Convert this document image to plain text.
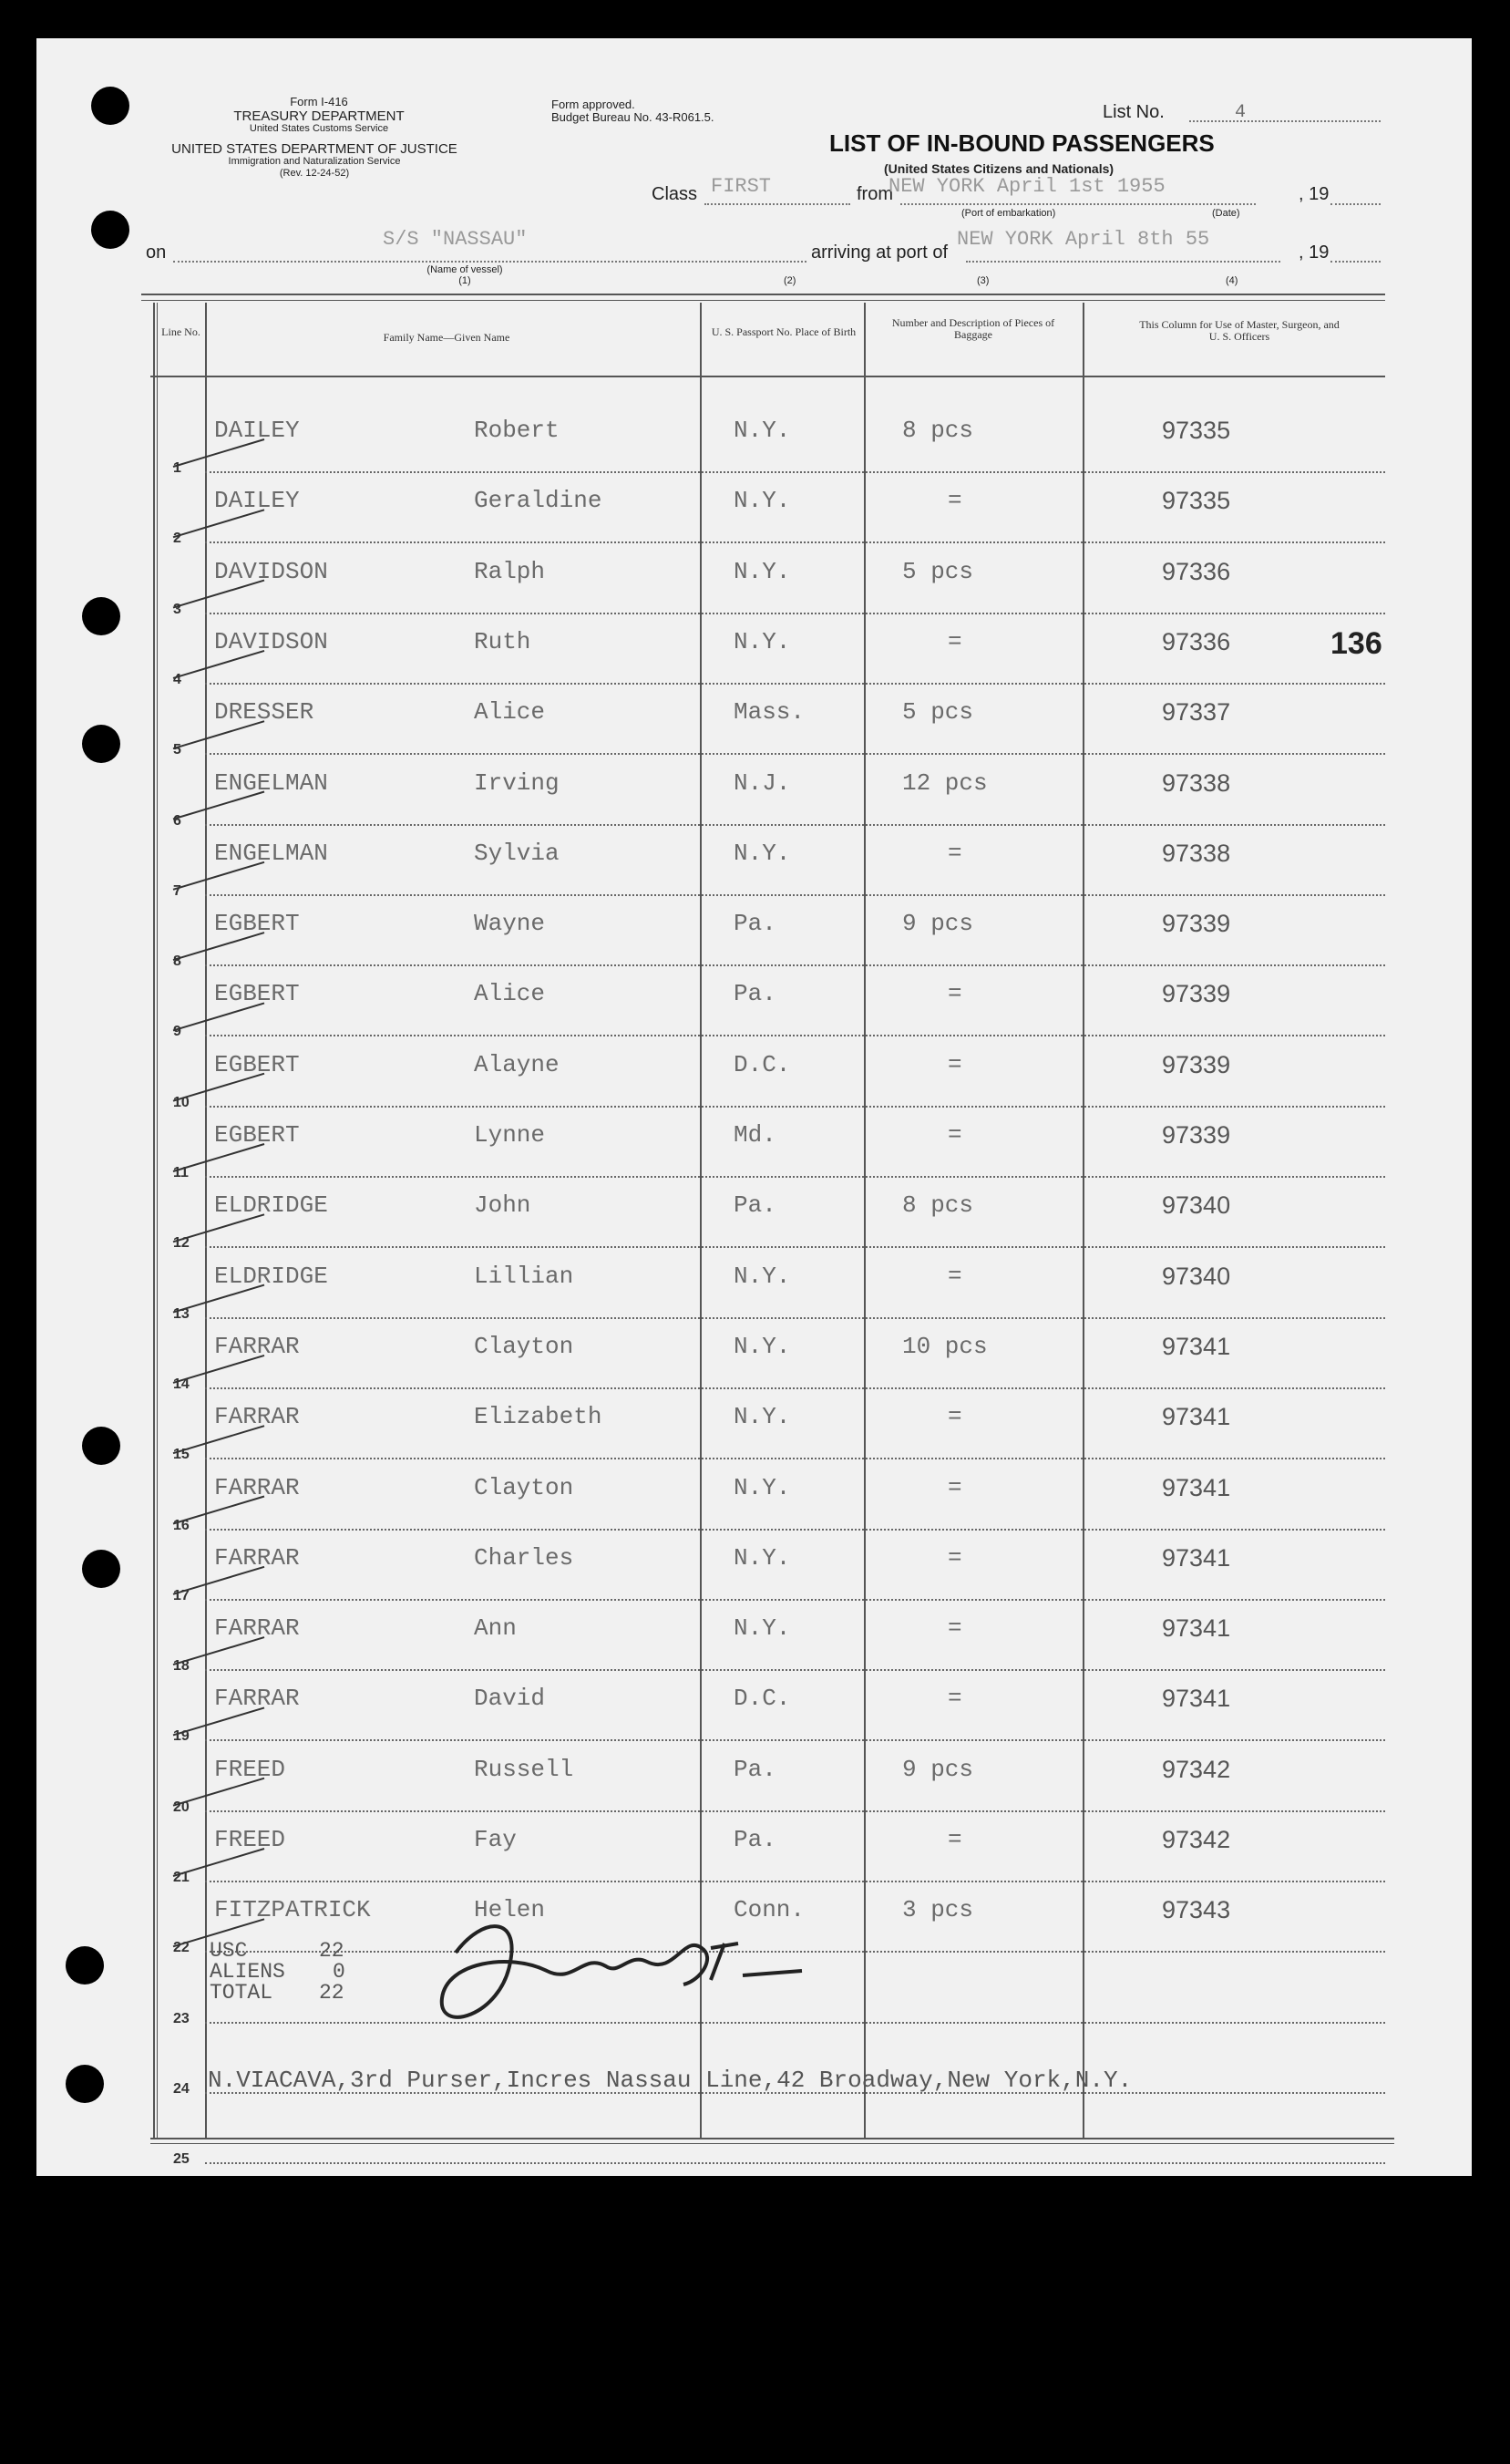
Form I-416
TREASURY DEPARTMENT
United States Customs Service
UNITED STATES DEPARTMENT OF JUSTICE
Immigration and Naturalization Service
(Rev. 12-24-52)
Form approved.
Budget Bureau No. 43-R061.5.	List No.	4
LIST OF IN-BOUND PASSENGERS
(United States Citizens and Nationals)
Class FIRST	from
NEW YORK April 1st 1955	, 19
(Port of embarkation)	(Date)
on
S/S "NASSAU"
(Name of vessel)
(1)
arriving at port of
NEW YORK April 8th 55
, 19
(2)	(3)	(4)
Line No.	Family Name—Given Name	U. S. Passport No. Place of Birth
Number and Description of Pieces of Baggage
This Column for Use of Master, Surgeon, and U. S. Officers
1
DAILEY	Robert	N.Y.	8 pcs	97335
2
DAILEY	Geraldine	N.Y.	=	97335
3
DAVIDSON	Ralph	N.Y.	5 pcs	97336
4
DAVIDSON	Ruth	N.Y.	=	97336
5
DRESSER	Alice	Mass.	5 pcs	97337
6
ENGELMAN	Irving	N.J.	12 pcs	97338
7
ENGELMAN	Sylvia	N.Y.	=	97338
8
EGBERT	Wayne	Pa.	9 pcs	97339
9
EGBERT	Alice	Pa.	=	97339
10
EGBERT	Alayne	D.C.	=	97339
11
EGBERT	Lynne	Md.	=	97339
12
ELDRIDGE	John	Pa.	8 pcs	97340
13
ELDRIDGE	Lillian	N.Y.	=	97340
14
FARRAR	Clayton	N.Y.	10 pcs	97341
15
FARRAR	Elizabeth	N.Y.	=	97341
16
FARRAR	Clayton	N.Y.	=	97341
17
FARRAR	Charles	N.Y.	=	97341
18
FARRAR	Ann	N.Y.	=	97341
19
FARRAR	David	D.C.	=	97341
20
FREED	Russell	Pa.	9 pcs	97342
21
FREED	Fay	Pa.	=	97342
22
FITZPATRICK	Helen	Conn.	3 pcs	97343
23
24
25
USC	22
ALIENS 0
TOTAL 22
N.VIACAVA,3rd Purser,Incres Nassau Line,42 Broadway,New York,N.Y.
136
